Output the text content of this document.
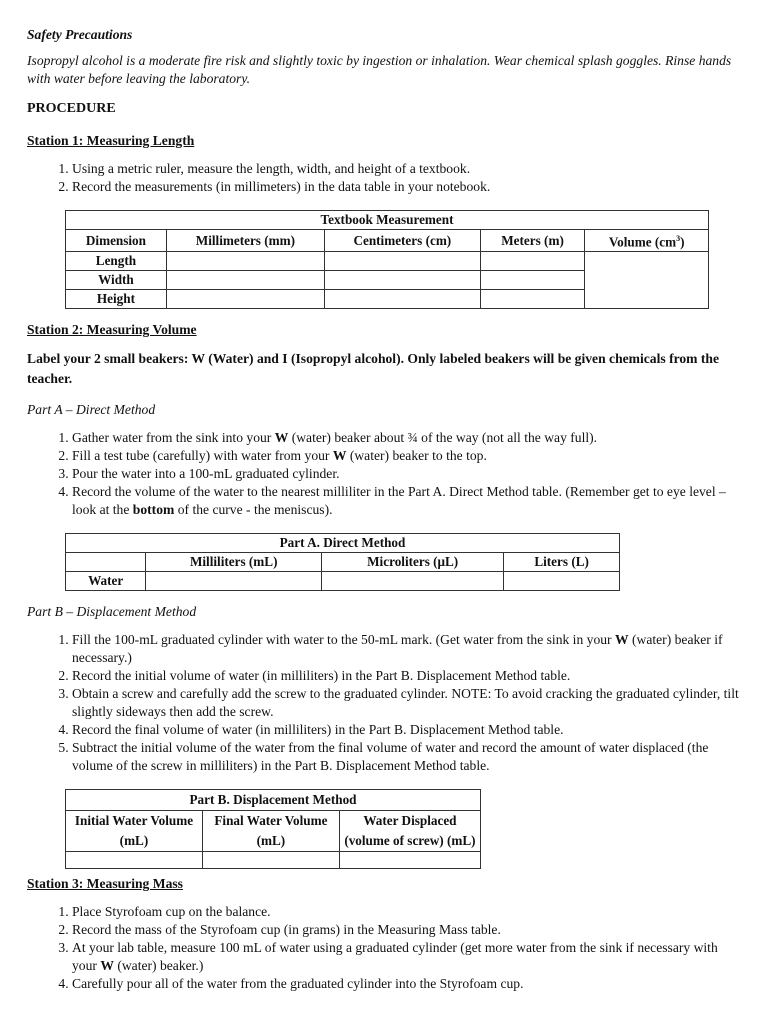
Safety Precautions
Isopropyl alcohol is a moderate fire risk and slightly toxic by ingestion or inhalation. Wear chemical splash goggles. Rinse hands with water before leaving the laboratory.
PROCEDURE
Station 1: Measuring Length
1. Using a metric ruler, measure the length, width, and height of a textbook.
2. Record the measurements (in millimeters) in the data table in your notebook.
Textbook Measurement				
Dimension	Millimeters (mm)	Centimeters (cm)	Meters (m)	Volume $(cm^3)$
Length				
Width				
Height				
Station 2: Measuring Volume
Label your 2 small beakers: W (Water) and I (Isopropyl alcohol). Only labeled beakers will be given chemicals from the teacher.
Part A – Direct Method
1. Gather water from the sink into your W (water) beaker about ¾ of the way (not all the way full).
2. Fill a test tube (carefully) with water from your W (water) beaker to the top.
3. Pour the water into a 100-mL graduated cylinder.
4. Record the volume of the water to the nearest milliliter in the Part A. Direct Method table. (Remember get to eye level – look at the bottom of the curve - the meniscus).
Part A. Direct Method			
	Milliliters (mL)	Microliters (μL)	Liters (L)
Water			
Part B – Displacement Method
1. Fill the 100-mL graduated cylinder with water to the 50-mL mark. (Get water from the sink in your W (water) beaker if necessary.)
2. Record the initial volume of water (in milliliters) in the Part B. Displacement Method table.
3. Obtain a screw and carefully add the screw to the graduated cylinder. NOTE: To avoid cracking the graduated cylinder, tilt slightly sideways then add the screw.
4. Record the final volume of water (in milliliters) in the Part B. Displacement Method table.
5. Subtract the initial volume of the water from the final volume of water and record the amount of water displaced (the volume of the screw in milliliters) in the Part B. Displacement Method table.
Part B. Displacement Method		
Initial Water Volume (mL)	Final Water Volume (mL)	Water Displaced (volume of screw) (mL)

Station 3: Measuring Mass
1. Place Styrofoam cup on the balance.
2. Record the mass of the Styrofoam cup (in grams) in the Measuring Mass table.
3. At your lab table, measure 100 mL of water using a graduated cylinder (get more water from the sink if necessary with your W (water) beaker.)
4. Carefully pour all of the water from the graduated cylinder into the Styrofoam cup.
